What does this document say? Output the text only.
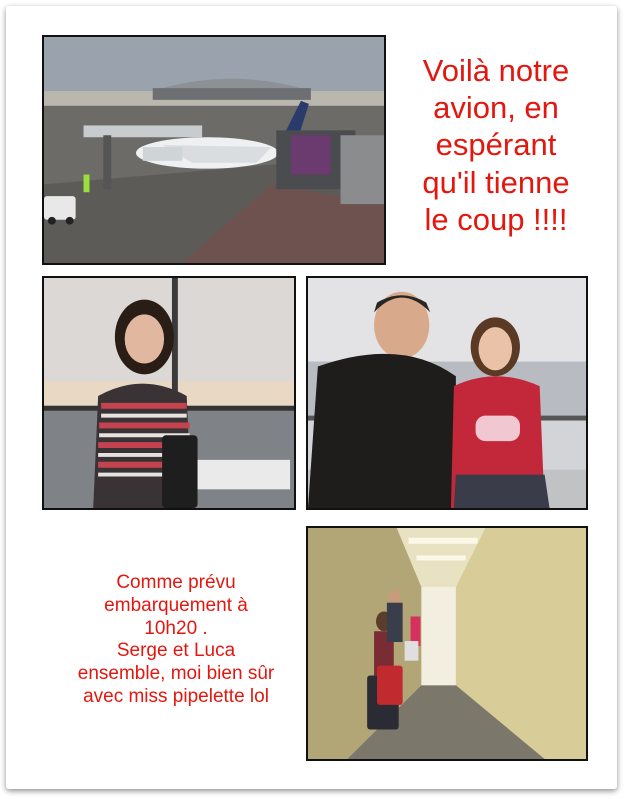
Voilà notre
avion, en
espérant
qu'il tienne
le coup !!!!
Comme prévu
embarquement à
10h20 .
Serge et Luca
ensemble, moi bien sûr
avec miss pipelette lol
